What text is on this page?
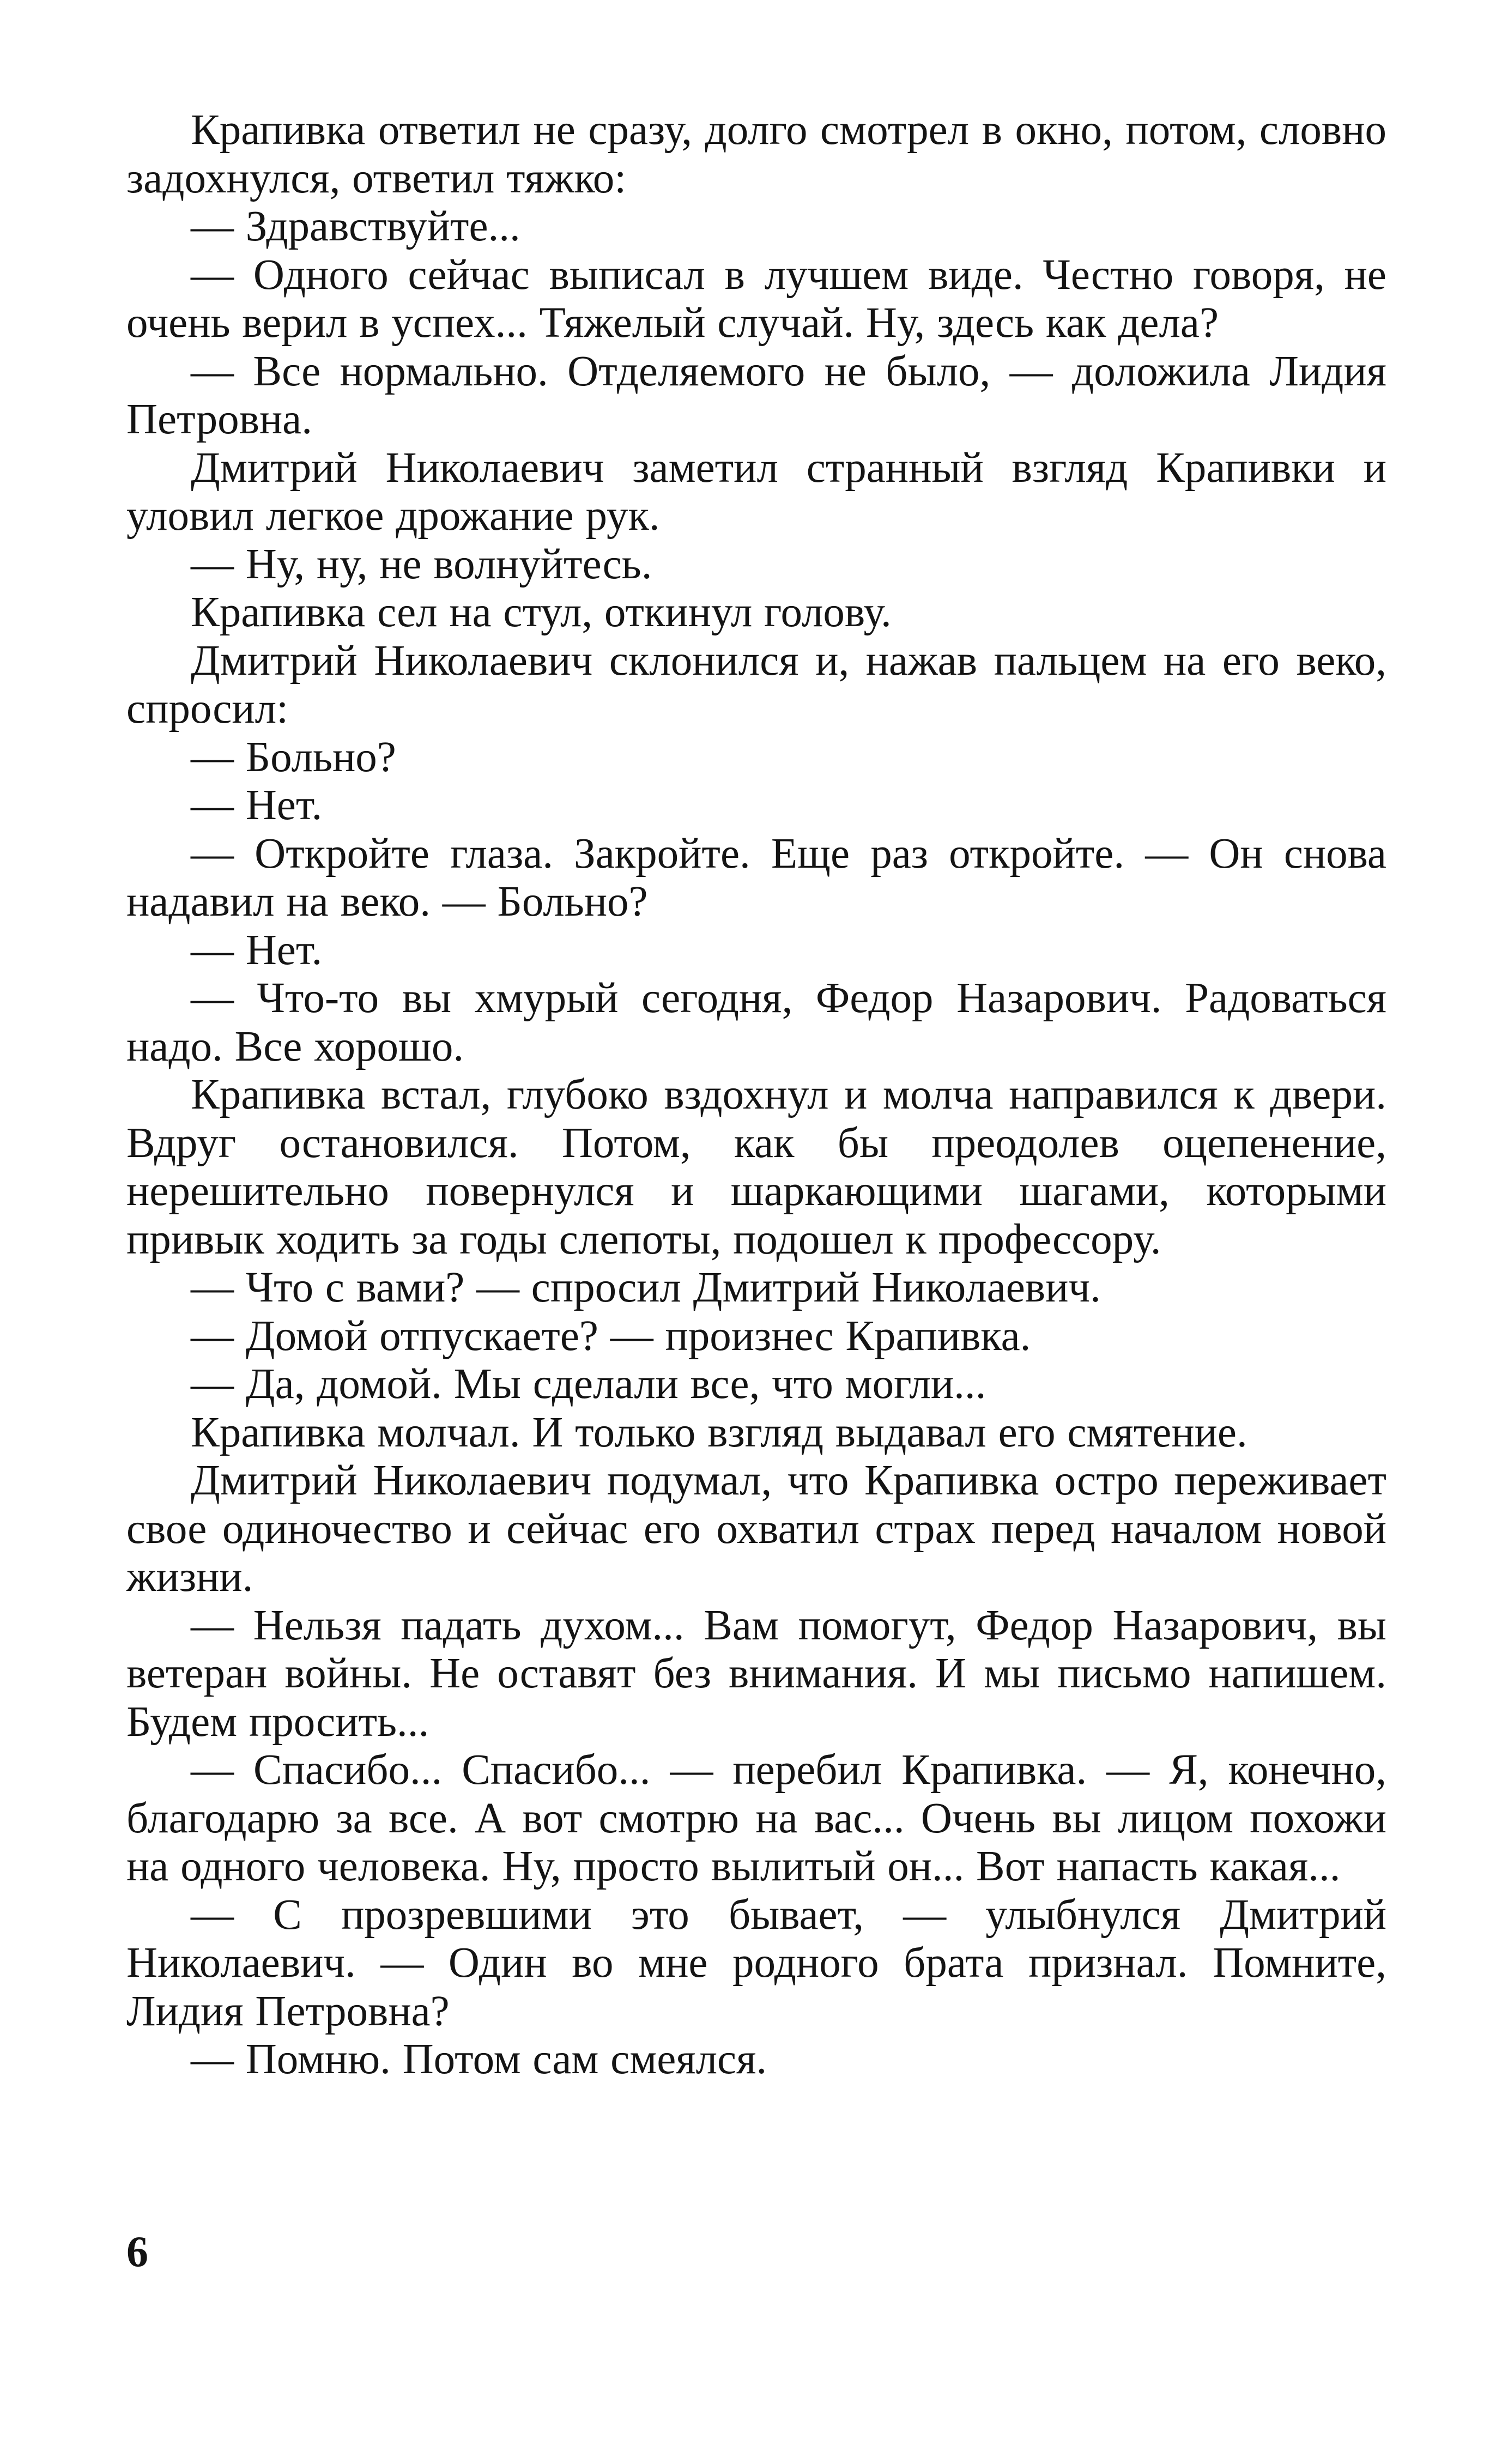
Крапивка ответил не сразу, долго смотрел в окно, потом, словно задохнулся, ответил тяжко:

— Здравствуйте...

— Одного сейчас выписал в лучшем виде. Честно говоря, не очень верил в успех... Тяжелый случай. Ну, здесь как дела?

— Все нормально. Отделяемого не было, — доложила Лидия Петровна.

Дмитрий Николаевич заметил странный взгляд Крапивки и уловил легкое дрожание рук.

— Ну, ну, не волнуйтесь.

Крапивка сел на стул, откинул голову.

Дмитрий Николаевич склонился и, нажав пальцем на его веко, спросил:

— Больно?

— Нет.

— Откройте глаза. Закройте. Еще раз откройте. — Он снова надавил на веко. — Больно?

— Нет.

— Что-то вы хмурый сегодня, Федор Назарович. Радоваться надо. Все хорошо.

Крапивка встал, глубоко вздохнул и молча направился к двери. Вдруг остановился. Потом, как бы преодолев оцепенение, нерешительно повернулся и шаркающими шагами, которыми привык ходить за годы слепоты, подошел к профессору.

— Что с вами? — спросил Дмитрий Николаевич.

— Домой отпускаете? — произнес Крапивка.

— Да, домой. Мы сделали все, что могли...

Крапивка молчал. И только взгляд выдавал его смятение.

Дмитрий Николаевич подумал, что Крапивка остро переживает свое одиночество и сейчас его охватил страх перед началом новой жизни.

— Нельзя падать духом... Вам помогут, Федор Назарович, вы ветеран войны. Не оставят без внимания. И мы письмо напишем. Будем просить...

— Спасибо... Спасибо... — перебил Крапивка. — Я, конечно, благодарю за все. А вот смотрю на вас... Очень вы лицом похожи на одного человека. Ну, просто вылитый он... Вот напасть какая...

— С прозревшими это бывает, — улыбнулся Дмитрий Николаевич. — Один во мне родного брата признал. Помните, Лидия Петровна?

— Помню. Потом сам смеялся.

6
